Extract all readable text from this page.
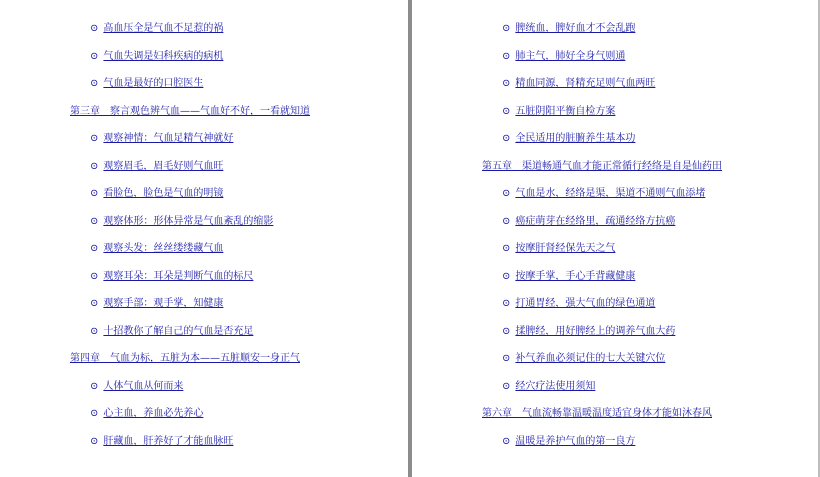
⊙ 高血压全是气血不足惹的祸
⊙ 气血失调是妇科疾病的病机
⊙ 气血是最好的口腔医生
第三章　察言观色辨气血——气血好不好，一看就知道
⊙ 观察神情：气血足精气神就好
⊙ 观察眉毛，眉毛好则气血旺
⊙ 看脸色，脸色是气血的明镜
⊙ 观察体形：形体异常是气血紊乱的缩影
⊙ 观察头发：丝丝缕缕藏气血
⊙ 观察耳朵：耳朵是判断气血的标尺
⊙ 观察手部：观手掌，知健康
⊙ 十招教你了解自己的气血是否充足
第四章　气血为标，五脏为本——五脏顺安一身正气
⊙ 人体气血从何而来
⊙ 心主血，养血必先养心
⊙ 肝藏血，肝养好了才能血脉旺
⊙ 脾统血，脾好血才不会乱跑
⊙ 肺主气，肺好全身气则通
⊙ 精血同源，肾精充足则气血两旺
⊙ 五脏阴阳平衡自检方案
⊙ 全民适用的脏腑养生基本功
第五章　渠道畅通气血才能正常循行经络是自是仙药田
⊙ 气血是水，经络是渠，渠道不通则气血添堵
⊙ 癌症萌芽在经络里，疏通经络方抗癌
⊙ 按摩肝肾经保先天之气
⊙ 按摩手掌，手心手背藏健康
⊙ 打通胃经，强大气血的绿色通道
⊙ 揉脾经，用好脾经上的调养气血大药
⊙ 补气养血必须记住的七大关键穴位
⊙ 经穴疗法使用须知
第六章　气血流畅靠温暖温度适宜身体才能如沐春风
⊙ 温暖是养护气血的第一良方
